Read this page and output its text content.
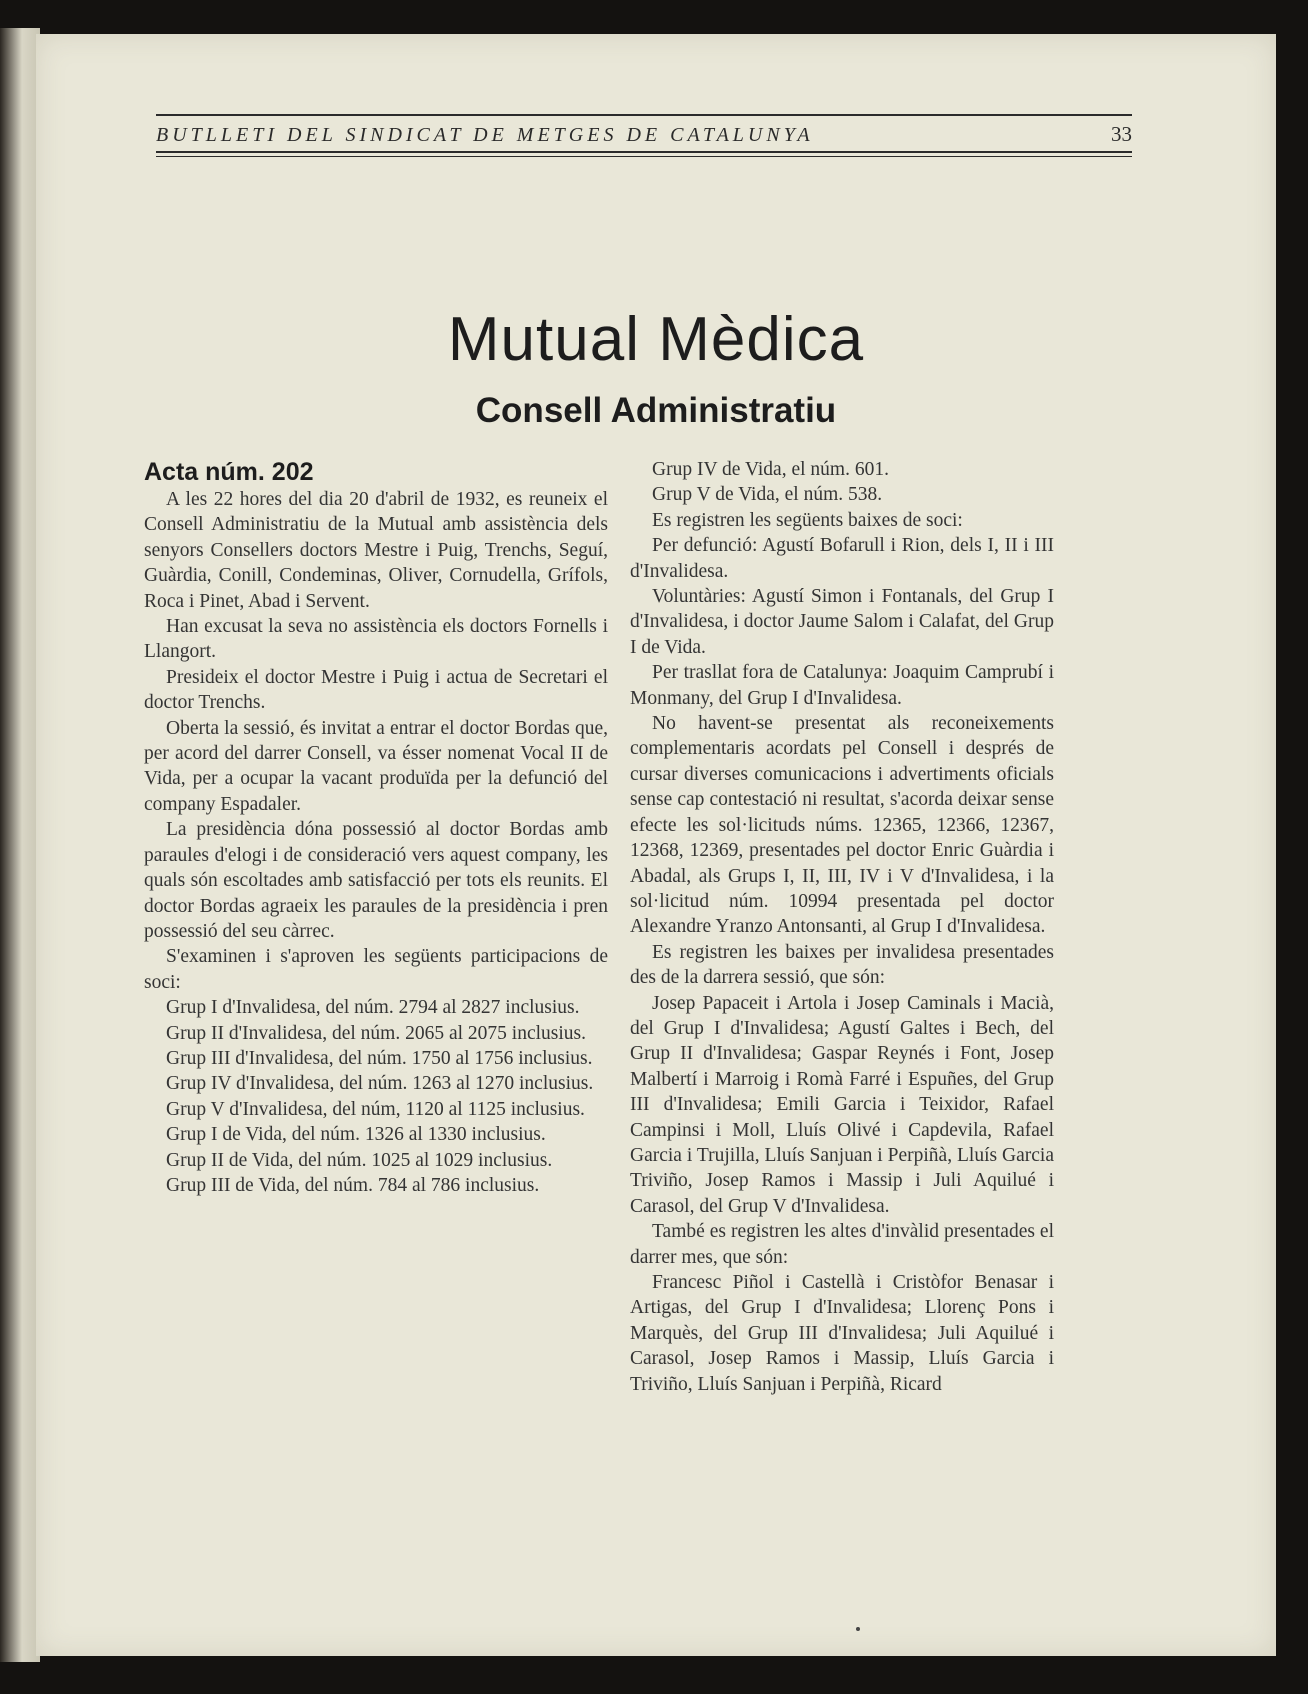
BUTLLETI DEL SINDICAT DE METGES DE CATALUNYA	33
Mutual Mèdica
Consell Administratiu

Acta núm. 202

A les 22 hores del dia 20 d'abril de 1932, es reuneix el Consell Administratiu de la Mutual amb assistència dels senyors Consellers doctors Mestre i Puig, Trenchs, Seguí, Guàrdia, Conill, Condeminas, Oliver, Cornudella, Grífols, Roca i Pinet, Abad i Servent.

Han excusat la seva no assistència els doctors Fornells i Llangort.

Presideix el doctor Mestre i Puig i actua de Secretari el doctor Trenchs.

Oberta la sessió, és invitat a entrar el doctor Bordas que, per acord del darrer Consell, va ésser nomenat Vocal II de Vida, per a ocupar la vacant produïda per la defunció del company Espadaler.

La presidència dóna possessió al doctor Bordas amb paraules d'elogi i de consideració vers aquest company, les quals són escoltades amb satisfacció per tots els reunits. El doctor Bordas agraeix les paraules de la presidència i pren possessió del seu càrrec.

S'examinen i s'aproven les següents participacions de soci:

Grup I d'Invalidesa, del núm. 2794 al 2827 inclusius.

Grup II d'Invalidesa, del núm. 2065 al 2075 inclusius.

Grup III d'Invalidesa, del núm. 1750 al 1756 inclusius.

Grup IV d'Invalidesa, del núm. 1263 al 1270 inclusius.

Grup V d'Invalidesa, del núm, 1120 al 1125 inclusius.

Grup I de Vida, del núm. 1326 al 1330 inclusius.

Grup II de Vida, del núm. 1025 al 1029 inclusius.

Grup III de Vida, del núm. 784 al 786 inclusius.

Grup IV de Vida, el núm. 601.

Grup V de Vida, el núm. 538.

Es registren les següents baixes de soci:

Per defunció: Agustí Bofarull i Rion, dels I, II i III d'Invalidesa.

Voluntàries: Agustí Simon i Fontanals, del Grup I d'Invalidesa, i doctor Jaume Salom i Calafat, del Grup I de Vida.

Per trasllat fora de Catalunya: Joaquim Camprubí i Monmany, del Grup I d'Invalidesa.

No havent-se presentat als reconeixements complementaris acordats pel Consell i després de cursar diverses comunicacions i advertiments oficials sense cap contestació ni resultat, s'acorda deixar sense efecte les sol·licituds núms. 12365, 12366, 12367, 12368, 12369, presentades pel doctor Enric Guàrdia i Abadal, als Grups I, II, III, IV i V d'Invalidesa, i la sol·licitud núm. 10994 presentada pel doctor Alexandre Yranzo Antonsanti, al Grup I d'Invalidesa.

Es registren les baixes per invalidesa presentades des de la darrera sessió, que són:

Josep Papaceit i Artola i Josep Caminals i Macià, del Grup I d'Invalidesa; Agustí Galtes i Bech, del Grup II d'Invalidesa; Gaspar Reynés i Font, Josep Malbertí i Marroig i Romà Farré i Espuñes, del Grup III d'Invalidesa; Emili Garcia i Teixidor, Rafael Campinsi i Moll, Lluís Olivé i Capdevila, Rafael Garcia i Trujilla, Lluís Sanjuan i Perpiñà, Lluís Garcia Triviño, Josep Ramos i Massip i Juli Aquilué i Carasol, del Grup V d'Invalidesa.

També es registren les altes d'invàlid presentades el darrer mes, que són:

Francesc Piñol i Castellà i Cristòfor Benasar i Artigas, del Grup I d'Invalidesa; Llorenç Pons i Marquès, del Grup III d'Invalidesa; Juli Aquilué i Carasol, Josep Ramos i Massip, Lluís Garcia i Triviño, Lluís Sanjuan i Perpiñà, Ricard
